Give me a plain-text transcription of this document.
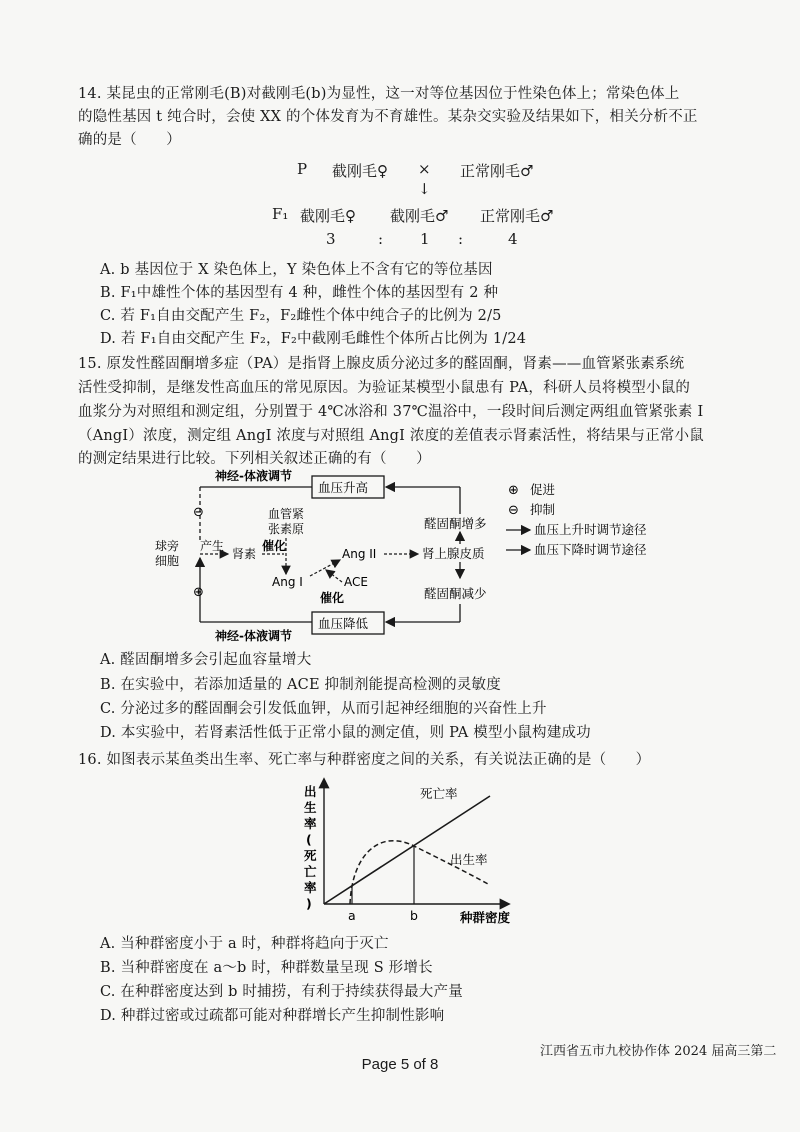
14. 某昆虫的正常刚毛(B)对截刚毛(b)为显性，这一对等位基因位于性染色体上；常染色体上
的隐性基因 t 纯合时，会使 XX 的个体发育为不育雄性。某杂交实验及结果如下，相关分析不正
确的是（　　）
P 截刚毛♀ × 正常刚毛♂
↓
F₁ 截刚毛♀ 截刚毛♂ 正常刚毛♂
3	: 1 :	4
A. b 基因位于 X 染色体上，Y 染色体上不含有它的等位基因
B. F₁中雄性个体的基因型有 4 种，雌性个体的基因型有 2 种
C. 若 F₁自由交配产生 F₂，F₂雌性个体中纯合子的比例为 2/5
D. 若 F₁自由交配产生 F₂，F₂中截刚毛雌性个体所占比例为 1/24
15. 原发性醛固酮增多症（PA）是指肾上腺皮质分泌过多的醛固酮，肾素——血管紧张素系统
活性受抑制，是继发性高血压的常见原因。为验证某模型小鼠患有 PA，科研人员将模型小鼠的
血浆分为对照组和测定组，分别置于 4℃冰浴和 37℃温浴中，一段时间后测定两组血管紧张素 I
（AngI）浓度，测定组 AngI 浓度与对照组 AngI 浓度的差值表示肾素活性，将结果与正常小鼠
的测定结果进行比较。下列相关叙述正确的有（　　）
神经-体液调节
血压升高
⊖	血管紧
张素原
产生
肾素
催化
Ang II	肾上腺皮质
醛固酮增多
球旁
细胞
Ang I	ACE
催化	醛固酮减少
血压降低
⊕
神经-体液调节
⊕ 促进
⊖ 抑制
血压上升时调节途径
血压下降时调节途径
A. 醛固酮增多会引起血容量增大
B. 在实验中，若添加适量的 ACE 抑制剂能提高检测的灵敏度
C. 分泌过多的醛固酮会引发低血钾，从而引起神经细胞的兴奋性上升
D. 本实验中，若肾素活性低于正常小鼠的测定值，则 PA 模型小鼠构建成功
16. 如图表示某鱼类出生率、死亡率与种群密度之间的关系，有关说法正确的是（　　）
出
生
率
(
死
亡
率
)
死亡率
出生率
a	b	种群密度
A. 当种群密度小于 a 时，种群将趋向于灭亡
B. 当种群密度在 a～b 时，种群数量呈现 S 形增长
C. 在种群密度达到 b 时捕捞，有利于持续获得最大产量
D. 种群过密或过疏都可能对种群增长产生抑制性影响
江西省五市九校协作体 2024 届高三第二
Page 5 of 8
